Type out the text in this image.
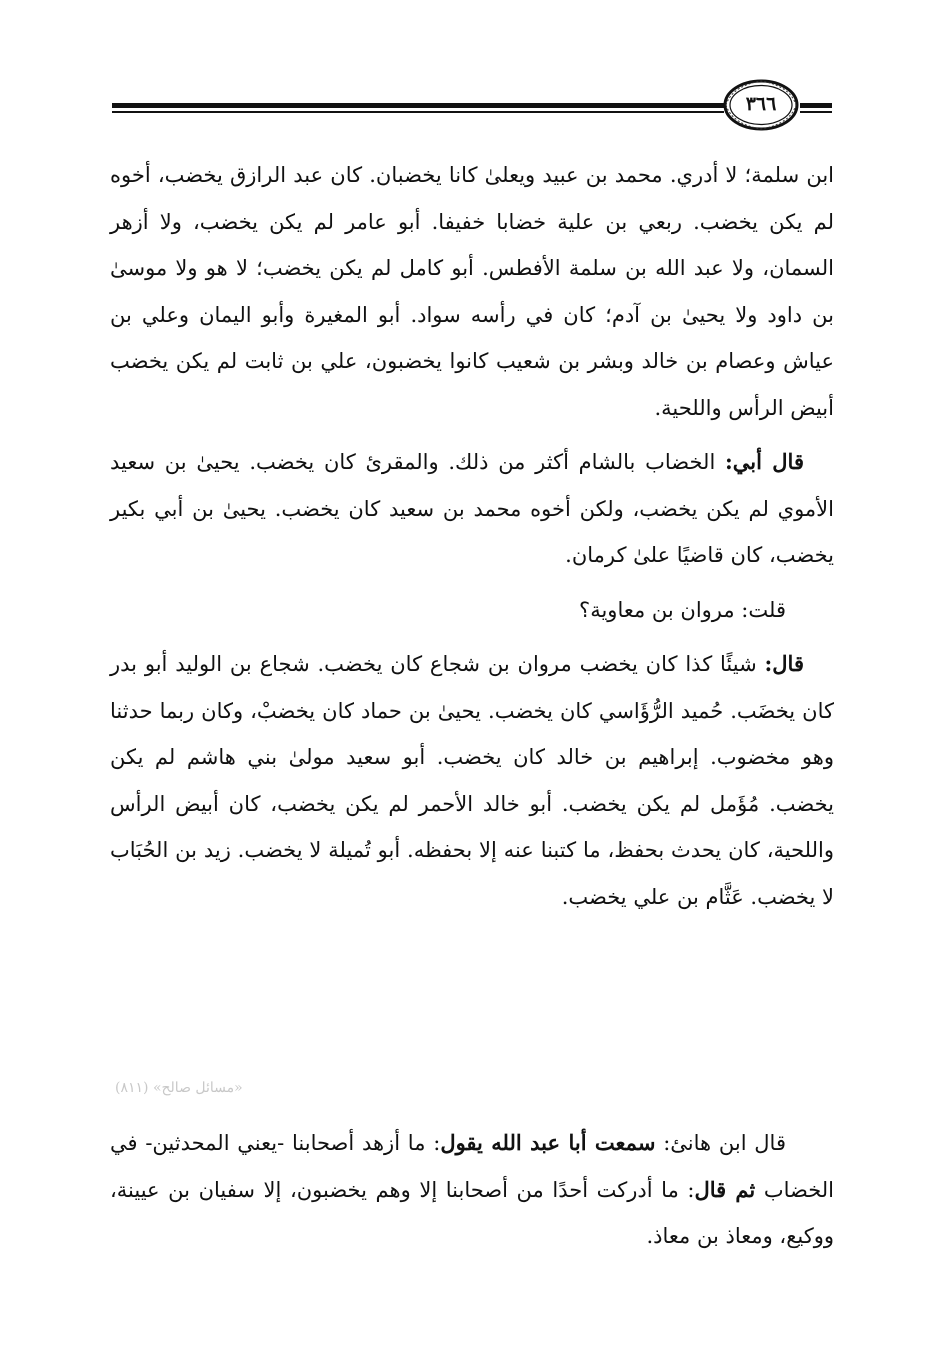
٣٦٦

ابن سلمة؛ لا أدري. محمد بن عبيد ويعلىٰ كانا يخضبان. كان عبد الرازق يخضب، أخوه لم يكن يخضب. ربعي بن علية خضابا خفيفا. أبو عامر لم يكن يخضب، ولا أزهر السمان، ولا عبد الله بن سلمة الأفطس. أبو كامل لم يكن يخضب؛ لا هو ولا موسىٰ بن داود ولا يحيىٰ بن آدم؛ كان في رأسه سواد. أبو المغيرة وأبو اليمان وعلي بن عياش وعصام بن خالد وبشر بن شعيب كانوا يخضبون، علي بن ثابت لم يكن يخضب أبيض الرأس واللحية.

قال أبي: الخضاب بالشام أكثر من ذلك. والمقرئ كان يخضب. يحيىٰ بن سعيد الأموي لم يكن يخضب، ولكن أخوه محمد بن سعيد كان يخضب. يحيىٰ بن أبي بكير يخضب، كان قاضيًا علىٰ كرمان.

قلت: مروان بن معاوية؟

قال: شيئًا كذا كان يخضب مروان بن شجاع كان يخضب. شجاع بن الوليد أبو بدر كان يخضَب. حُميد الرُّؤَاسي كان يخضب. يحيىٰ بن حماد كان يخضبْ، وكان ربما حدثنا وهو مخضوب. إبراهيم بن خالد كان يخضب. أبو سعيد مولىٰ بني هاشم لم يكن يخضب. مُؤَمل لم يكن يخضب. أبو خالد الأحمر لم يكن يخضب، كان أبيض الرأس واللحية، كان يحدث بحفظ، ما كتبنا عنه إلا بحفظه. أبو تُميلة لا يخضب. زيد بن الحُبَاب لا يخضب. عَثَّام بن علي يخضب.

«مسائل صالح» (٨١١)

قال ابن هانئ: سمعت أبا عبد الله يقول: ما أزهد أصحابنا -يعني المحدثين- في الخضاب ثم قال: ما أدركت أحدًا من أصحابنا إلا وهم يخضبون، إلا سفيان بن عيينة، ووكيع، ومعاذ بن معاذ.
